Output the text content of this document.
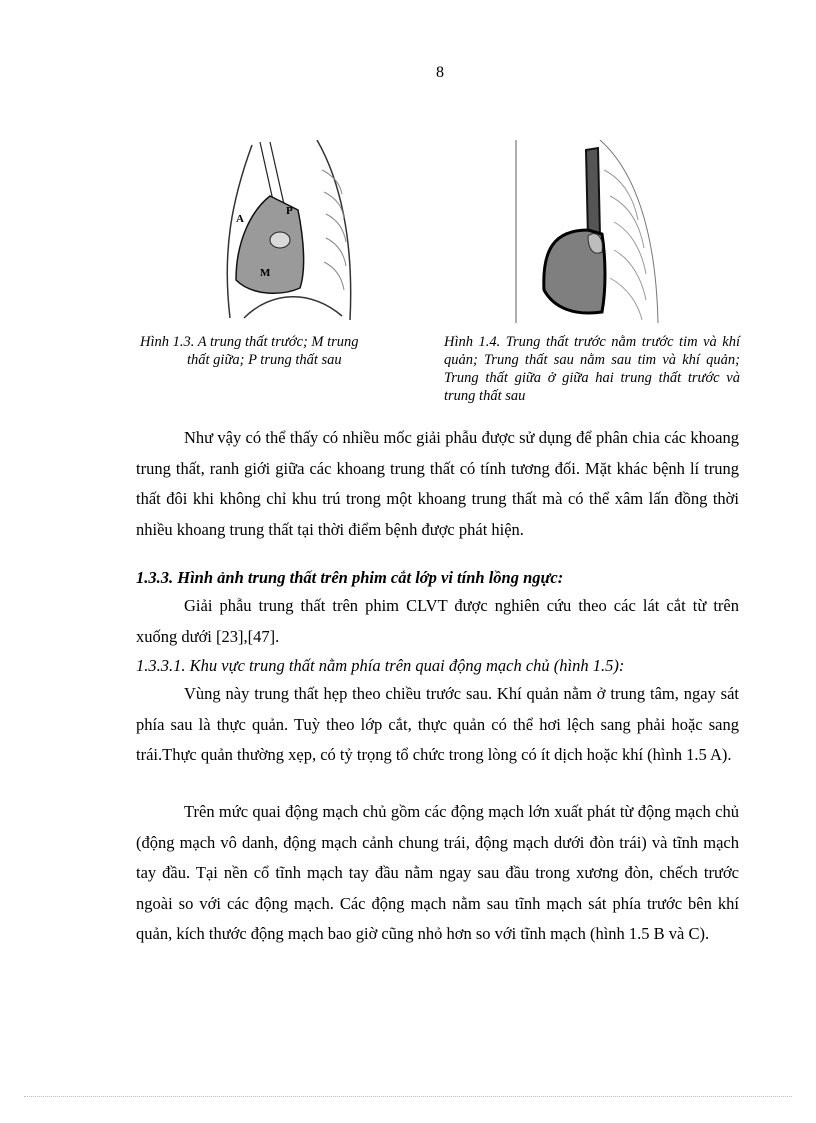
8
A
M
P
Hình 1.3. A trung thất trước; M trung
thất giữa; P trung thất sau
Hình 1.4. Trung thất trước nằm trước tim và khí quản; Trung thất sau nằm sau tim và khí quản; Trung thất giữa ở giữa hai trung thất trước và trung thất sau
Như vậy có thể thấy có nhiều mốc giải phẫu được sử dụng để phân chia các khoang trung thất, ranh giới giữa các khoang trung thất có tính tương đối. Mặt khác bệnh lí trung thất đôi khi không chỉ khu trú trong một khoang trung thất mà có thể xâm lấn đồng thời nhiều khoang trung thất tại thời điểm bệnh được phát hiện.
1.3.3. Hình ảnh trung thất trên phim cắt lớp vi tính lồng ngực:
Giải phẫu trung thất trên phim CLVT được nghiên cứu theo các lát cắt từ trên xuống dưới [23],[47].
1.3.3.1. Khu vực trung thất nằm phía trên quai động mạch chủ (hình 1.5):
Vùng này trung thất hẹp theo chiều trước sau. Khí quản nằm ở trung tâm, ngay sát phía sau là thực quản. Tuỳ theo lớp cắt, thực quản có thể hơi lệch sang phải hoặc sang trái.Thực quản thường xẹp, có tỷ trọng tổ chức trong lòng có ít dịch hoặc khí (hình 1.5 A).
Trên mức quai động mạch chủ gồm các động mạch lớn xuất phát từ động mạch chủ (động mạch vô danh, động mạch cảnh chung trái, động mạch dưới đòn trái) và tĩnh mạch tay đầu. Tại nền cổ tĩnh mạch tay đầu nằm ngay sau đầu trong xương đòn, chếch trước ngoài so với các động mạch. Các động mạch nằm sau tĩnh mạch sát phía trước bên khí quản, kích thước động mạch bao giờ cũng nhỏ hơn so với tĩnh mạch (hình 1.5 B và C).
